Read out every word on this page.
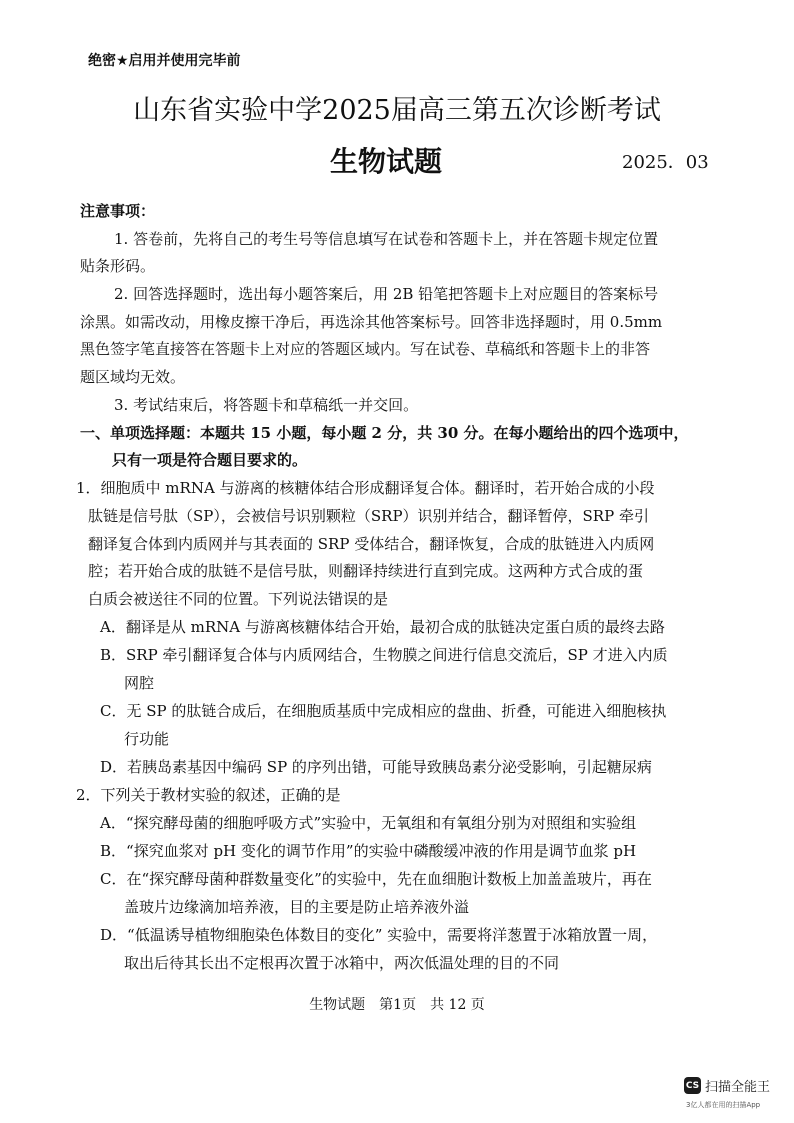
绝密★启用并使用完毕前
山东省实验中学2025届高三第五次诊断考试
生物试题	2025．03
注意事项：
1. 答卷前，先将自己的考生号等信息填写在试卷和答题卡上，并在答题卡规定位置
贴条形码。
2. 回答选择题时，选出每小题答案后，用 2B 铅笔把答题卡上对应题目的答案标号
涂黑。如需改动，用橡皮擦干净后，再选涂其他答案标号。回答非选择题时，用 0.5mm
黑色签字笔直接答在答题卡上对应的答题区域内。写在试卷、草稿纸和答题卡上的非答
题区域均无效。
3. 考试结束后，将答题卡和草稿纸一并交回。
一、单项选择题：本题共 15 小题，每小题 2 分，共 30 分。在每小题给出的四个选项中，
只有一项是符合题目要求的。
1．细胞质中 mRNA 与游离的核糖体结合形成翻译复合体。翻译时，若开始合成的小段
肽链是信号肽（SP），会被信号识别颗粒（SRP）识别并结合，翻译暂停，SRP 牵引
翻译复合体到内质网并与其表面的 SRP 受体结合，翻译恢复，合成的肽链进入内质网
腔；若开始合成的肽链不是信号肽，则翻译持续进行直到完成。这两种方式合成的蛋
白质会被送往不同的位置。下列说法错误的是
A．翻译是从 mRNA 与游离核糖体结合开始，最初合成的肽链决定蛋白质的最终去路
B．SRP 牵引翻译复合体与内质网结合，生物膜之间进行信息交流后，SP 才进入内质
网腔
C．无 SP 的肽链合成后，在细胞质基质中完成相应的盘曲、折叠，可能进入细胞核执
行功能
D．若胰岛素基因中编码 SP 的序列出错，可能导致胰岛素分泌受影响，引起糖尿病
2．下列关于教材实验的叙述，正确的是
A．“探究酵母菌的细胞呼吸方式”实验中，无氧组和有氧组分别为对照组和实验组
B．“探究血浆对 pH 变化的调节作用”的实验中磷酸缓冲液的作用是调节血浆 pH
C．在“探究酵母菌种群数量变化”的实验中，先在血细胞计数板上加盖盖玻片，再在
盖玻片边缘滴加培养液，目的主要是防止培养液外溢
D．“低温诱导植物细胞染色体数目的变化” 实验中，需要将洋葱置于冰箱放置一周，
取出后待其长出不定根再次置于冰箱中，两次低温处理的目的不同
生物试题　第1页　共 12 页
CS 扫描全能王
3亿人都在用的扫描App
